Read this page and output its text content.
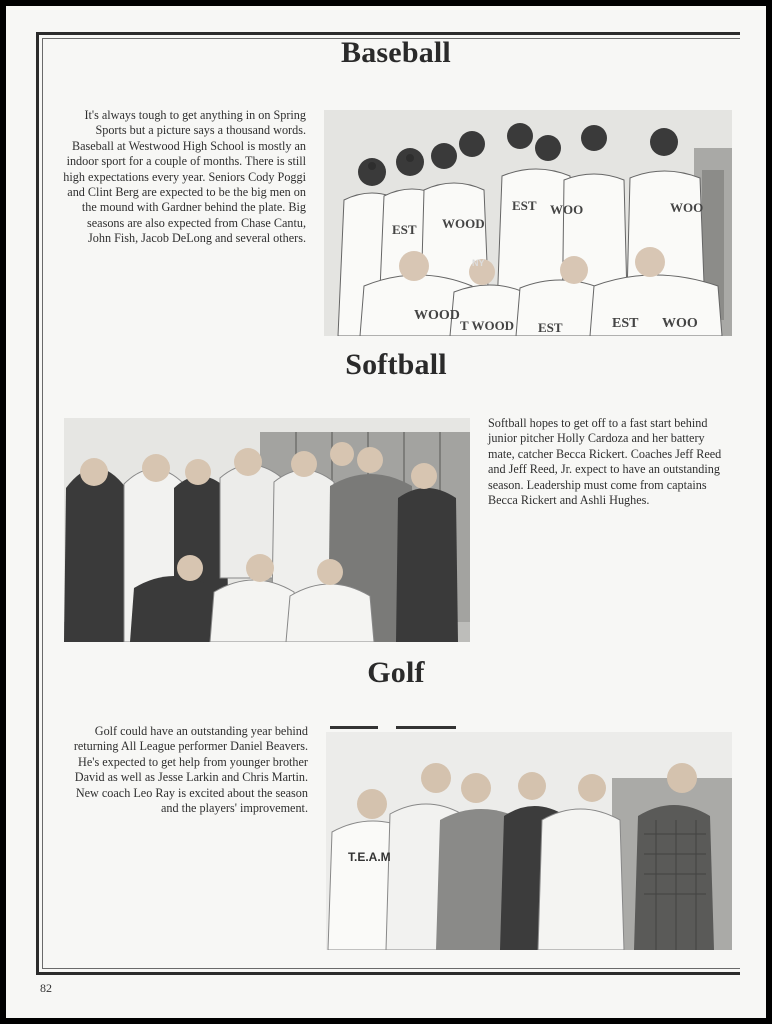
Baseball
It's always tough to get anything in on Spring Sports but a picture says a thousand words. Baseball at Westwood High School is mostly an indoor sport for a couple of months. There is still high expectations every year. Seniors Cody Poggi and Clint Berg are expected to be the big men on the mound with Gardner behind the plate. Big seasons are also expected from Chase Cantu, John Fish, Jacob DeLong and several others.
EST WOOD
WOO
EST	WOO
WOOD
T WOOD EST	EST WOO
NY
Softball
Softball hopes to get off to a fast start behind junior pitcher Holly Cardoza and her battery mate, catcher Becca Rickert. Coaches Jeff Reed and Jeff Reed, Jr. expect to have an outstanding season. Leadership must come from captains Becca Rickert and Ashli Hughes.
Golf
Golf could have an outstanding year behind returning All League performer Daniel Beavers. He's expected to get help from younger brother David as well as Jesse Larkin and Chris Martin. New coach Leo Ray is excited about the season and the players' improvement.
T.E.A.M
82
